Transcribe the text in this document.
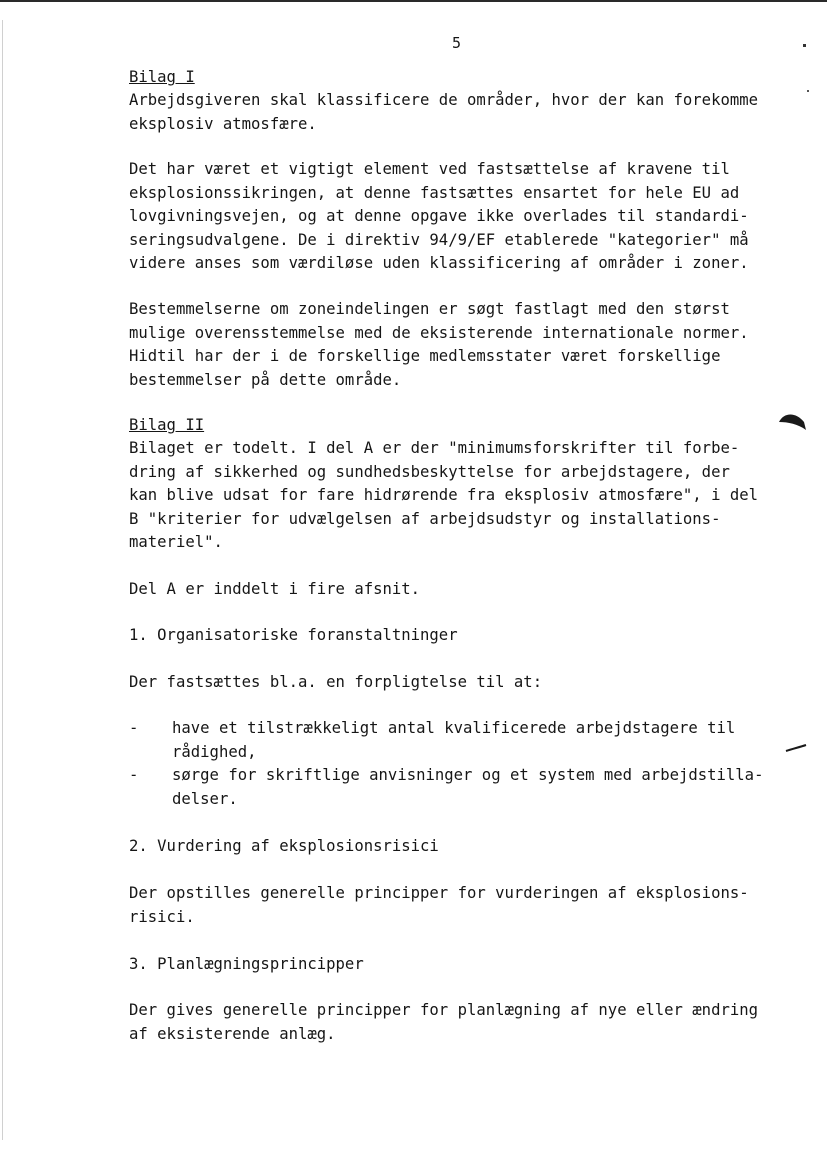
5
Bilag I
Arbejdsgiveren skal klassificere de områder, hvor der kan forekomme
eksplosiv atmosfære.
Det har været et vigtigt element ved fastsættelse af kravene til
eksplosionssikringen, at denne fastsættes ensartet for hele EU ad
lovgivningsvejen, og at denne opgave ikke overlades til standardi-
seringsudvalgene. De i direktiv 94/9/EF etablerede "kategorier" må
videre anses som værdiløse uden klassificering af områder i zoner.
Bestemmelserne om zoneindelingen er søgt fastlagt med den størst
mulige overensstemmelse med de eksisterende internationale normer.
Hidtil har der i de forskellige medlemsstater været forskellige
bestemmelser på dette område.
Bilag II
Bilaget er todelt. I del A er der "minimumsforskrifter til forbe-
dring af sikkerhed og sundhedsbeskyttelse for arbejdstagere, der
kan blive udsat for fare hidrørende fra eksplosiv atmosfære", i del
B "kriterier for udvælgelsen af arbejdsudstyr og installations-
materiel".
Del A er inddelt i fire afsnit.
1. Organisatoriske foranstaltninger
Der fastsættes bl.a. en forpligtelse til at:
- have et tilstrækkeligt antal kvalificerede arbejdstagere til
rådighed,
- sørge for skriftlige anvisninger og et system med arbejdstilla-
delser.
2. Vurdering af eksplosionsrisici
Der opstilles generelle principper for vurderingen af eksplosions-
risici.
3. Planlægningsprincipper
Der gives generelle principper for planlægning af nye eller ændring
af eksisterende anlæg.
